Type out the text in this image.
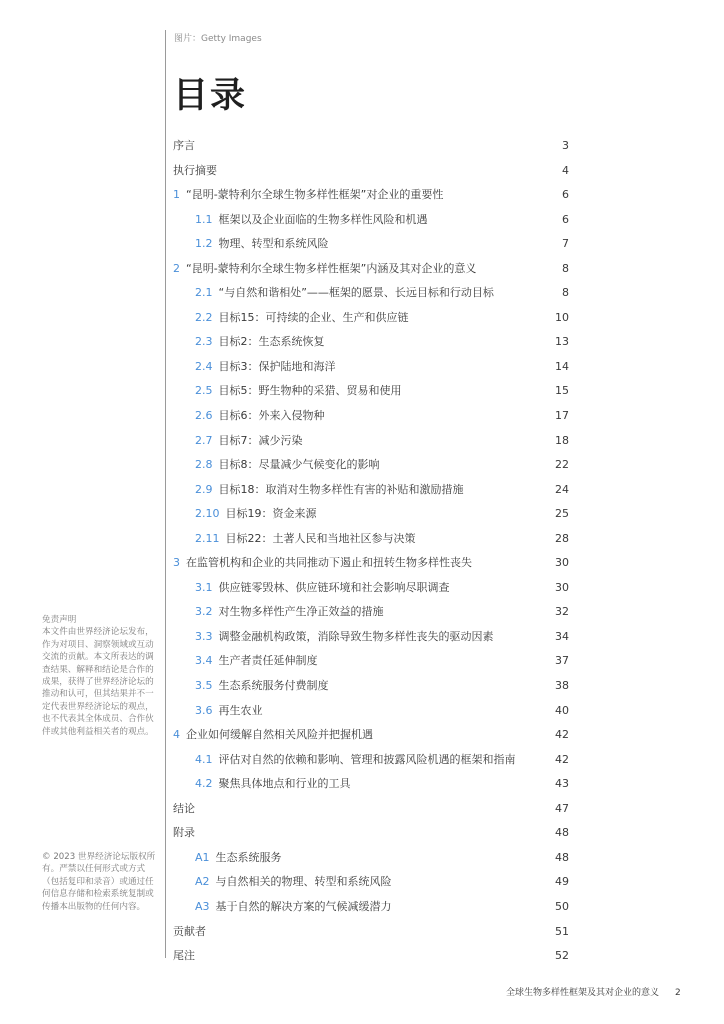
图片：Getty Images
目录
序言	3
执行摘要	4
1 “昆明-蒙特利尔全球生物多样性框架”对企业的重要性	6
1.1 框架以及企业面临的生物多样性风险和机遇	6
1.2 物理、转型和系统风险	7
2 “昆明-蒙特利尔全球生物多样性框架”内涵及其对企业的意义	8
2.1 “与自然和谐相处”——框架的愿景、长远目标和行动目标	8
2.2 目标15：可持续的企业、生产和供应链	10
2.3 目标2：生态系统恢复	13
2.4 目标3：保护陆地和海洋	14
2.5 目标5：野生物种的采猎、贸易和使用	15
2.6 目标6：外来入侵物种	17
2.7 目标7：减少污染	18
2.8 目标8：尽量减少气候变化的影响	22
2.9 目标18：取消对生物多样性有害的补贴和激励措施	24
2.10 目标19：资金来源	25
2.11 目标22：土著人民和当地社区参与决策	28
3 在监管机构和企业的共同推动下遏止和扭转生物多样性丧失	30
3.1 供应链零毁林、供应链环境和社会影响尽职调查	30
3.2 对生物多样性产生净正效益的措施	32
3.3 调整金融机构政策，消除导致生物多样性丧失的驱动因素	34
3.4 生产者责任延伸制度	37
3.5 生态系统服务付费制度	38
3.6 再生农业	40
4 企业如何缓解自然相关风险并把握机遇	42
4.1 评估对自然的依赖和影响、管理和披露风险机遇的框架和指南	42
4.2 聚焦具体地点和行业的工具	43
结论	47
附录	48
A1 生态系统服务	48
A2 与自然相关的物理、转型和系统风险	49
A3 基于自然的解决方案的气候减缓潜力	50
贡献者	51
尾注	52

免责声明

本文件由世界经济论坛发布，作为对项目、洞察领域或互动交流的贡献。本文所表达的调查结果、解释和结论是合作的成果，获得了世界经济论坛的推动和认可，但其结果并不一定代表世界经济论坛的观点，也不代表其全体成员、合作伙伴或其他利益相关者的观点。

© 2023 世界经济论坛版权所有。严禁以任何形式或方式（包括复印和录音）或通过任何信息存储和检索系统复制或传播本出版物的任何内容。

全球生物多样性框架及其对企业的意义 2
